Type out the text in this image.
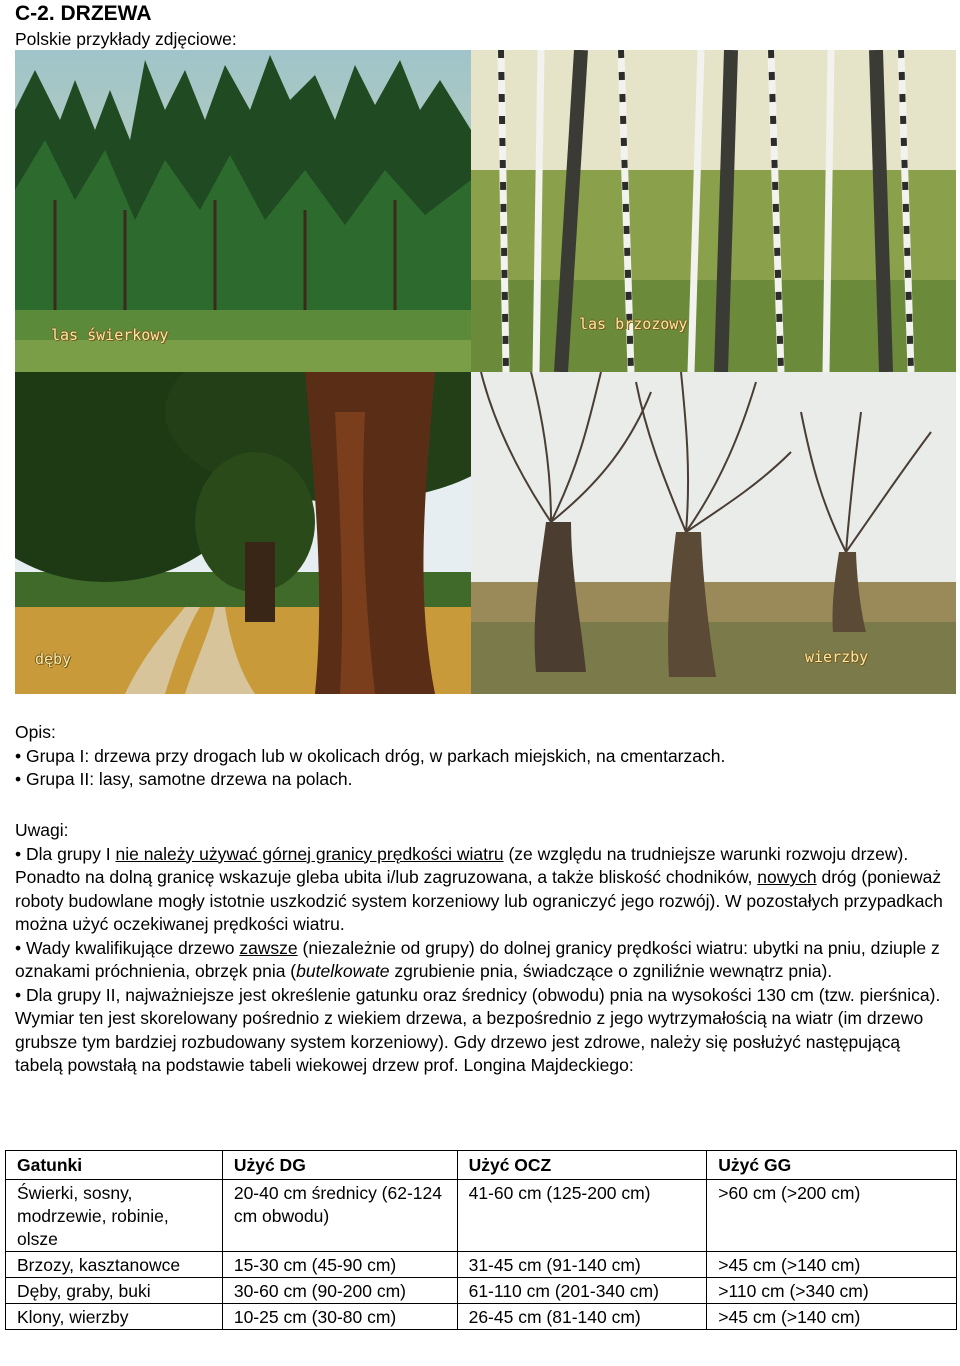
C-2. DRZEWA
Polskie przykłady zdjęciowe:
las świerkowy
las brzozowy
dęby	wierzby

Opis:

• Grupa I: drzewa przy drogach lub w okolicach dróg, w parkach miejskich, na cmentarzach.

• Grupa II: lasy, samotne drzewa na polach.

Uwagi:

• Dla grupy I nie należy używać górnej granicy prędkości wiatru (ze względu na trudniejsze warunki rozwoju drzew). Ponadto na dolną granicę wskazuje gleba ubita i/lub zagruzowana, a także bliskość chodników, nowych dróg (ponieważ roboty budowlane mogły istotnie uszkodzić system korzeniowy lub ograniczyć jego rozwój). W pozostałych przypadkach można użyć oczekiwanej prędkości wiatru.

• Wady kwalifikujące drzewo zawsze (niezależnie od grupy) do dolnej granicy prędkości wiatru: ubytki na pniu, dziuple z oznakami próchnienia, obrzęk pnia (butelkowate zgrubienie pnia, świadczące o zgniliźnie wewnątrz pnia).

• Dla grupy II, najważniejsze jest określenie gatunku oraz średnicy (obwodu) pnia na wysokości 130 cm (tzw. pierśnica). Wymiar ten jest skorelowany pośrednio z wiekiem drzewa, a bezpośrednio z jego wytrzymałością na wiatr (im drzewo grubsze tym bardziej rozbudowany system korzeniowy). Gdy drzewo jest zdrowe, należy się posłużyć następującą tabelą powstałą na podstawie tabeli wiekowej drzew prof. Longina Majdeckiego:

Gatunki	Użyć DG	Użyć OCZ	Użyć GG
Świerki, sosny, modrzewie, robinie, olsze	20-40 cm średnicy (62-124 cm obwodu)	41-60 cm (125-200 cm)	>60 cm (>200 cm)
Brzozy, kasztanowce	15-30 cm (45-90 cm)	31-45 cm (91-140 cm)	>45 cm (>140 cm)
Dęby, graby, buki	30-60 cm (90-200 cm)	61-110 cm (201-340 cm)	>110 cm (>340 cm)
Klony, wierzby	10-25 cm (30-80 cm)	26-45 cm (81-140 cm)	>45 cm (>140 cm)
